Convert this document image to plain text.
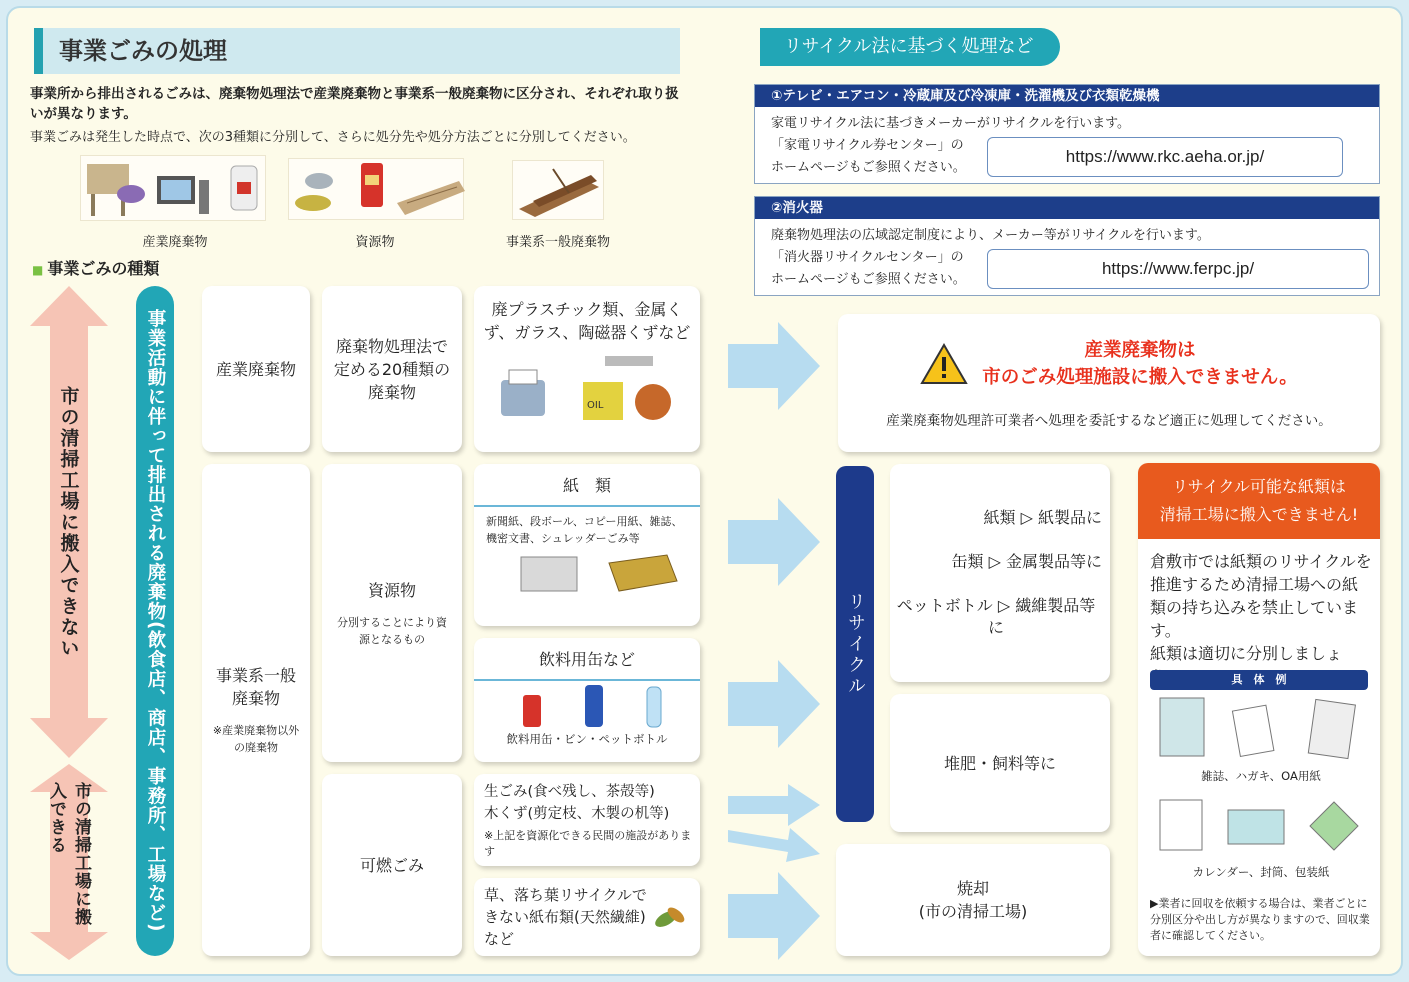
事業ごみの処理
事業所から排出されるごみは、廃棄物処理法で産業廃棄物と事業系一般廃棄物に区分され、それぞれ取り扱いが異なります。
事業ごみは発生した時点で、次の3種類に分別して、さらに処分先や処分方法ごとに分別してください。
産業廃棄物	資源物	事業系一般廃棄物
■ 事業ごみの種類
市の清掃工場に搬入できない
市の清掃工場に搬入できる	事業活動に伴って排出される廃棄物(飲食店、商店、事務所、工場など)	産業廃棄物
事業系一般廃棄物
※産業廃棄物以外の廃棄物
廃棄物処理法で定める20種類の廃棄物
資源物
分別することにより資源となるもの
可燃ごみ
廃プラスチック類、金属くず、ガラス、陶磁器くずなど
OIL
紙　類
新聞紙、段ボール、コピー用紙、雑誌、機密文書、シュレッダーごみ等
飲料用缶など
飲料用缶・ビン・ペットボトル
生ごみ(食べ残し、茶殻等)
木くず(剪定枝、木製の机等)
※上記を資源化できる民間の施設があります
草、落ち葉リサイクルできない紙布類(天然繊維)など
リサイクル法に基づく処理など
①テレビ・エアコン・冷蔵庫及び冷凍庫・洗濯機及び衣類乾燥機
家電リサイクル法に基づきメーカーがリサイクルを行います。
「家電リサイクル券センター」の
ホームページもご参照ください。
https://www.rkc.aeha.or.jp/
②消火器
廃棄物処理法の広域認定制度により、メーカー等がリサイクルを行います。
「消火器リサイクルセンター」の
ホームページもご参照ください。
https://www.ferpc.jp/
産業廃棄物は
市のごみ処理施設に搬入できません。
産業廃棄物処理許可業者へ処理を委託するなど適正に処理してください。
リサイクル
紙類 ▷ 紙製品に
缶類 ▷ 金属製品等に
ペットボトル ▷ 繊維製品等に
堆肥・飼料等に
焼却
(市の清掃工場)
リサイクル可能な紙類は
清掃工場に搬入できません!
倉敷市では紙類のリサイクルを推進するため清掃工場への紙類の持ち込みを禁止しています。
紙類は適切に分別しましょ
具　体　例
雑誌、ハガキ、OA用紙
カレンダー、封筒、包装紙
▶業者に回収を依頼する場合は、業者ごとに分別区分や出し方が異なりますので、回収業者に確認してください。
